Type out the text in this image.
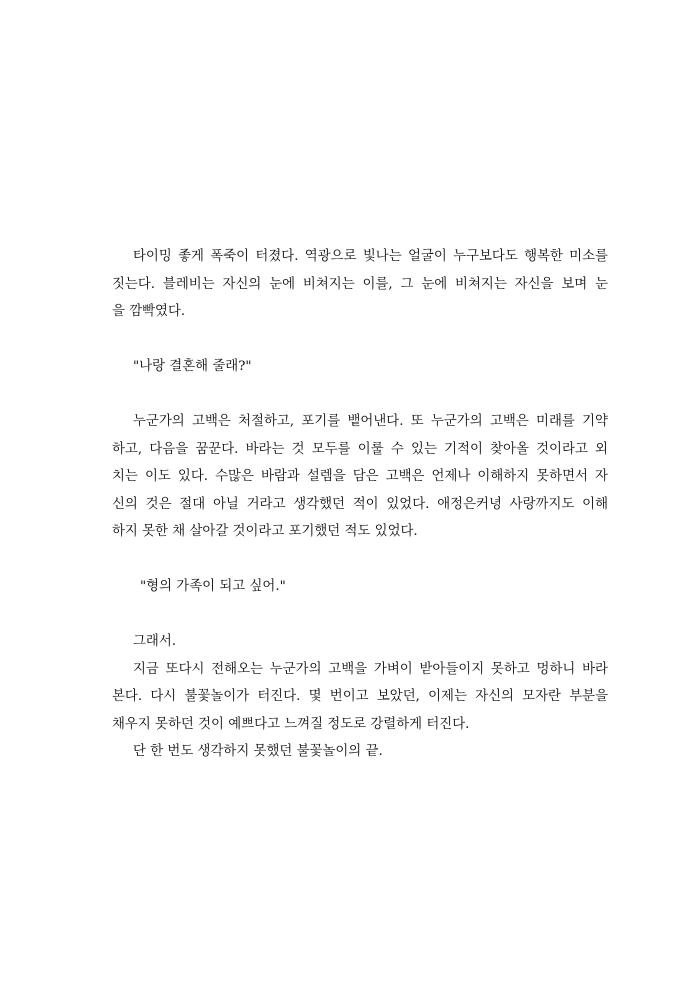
타이밍 좋게 폭죽이 터졌다. 역광으로 빛나는 얼굴이 누구보다도 행복한 미소를
짓는다. 블레비는 자신의 눈에 비쳐지는 이를, 그 눈에 비쳐지는 자신을 보며 눈
을 깜빡였다.
"나랑 결혼해 줄래?"
누군가의 고백은 처절하고, 포기를 뱉어낸다. 또 누군가의 고백은 미래를 기약
하고, 다음을 꿈꾼다. 바라는 것 모두를 이룰 수 있는 기적이 찾아올 것이라고 외
치는 이도 있다. 수많은 바람과 설렘을 담은 고백은 언제나 이해하지 못하면서 자
신의 것은 절대 아닐 거라고 생각했던 적이 있었다. 애정은커녕 사랑까지도 이해
하지 못한 채 살아갈 것이라고 포기했던 적도 있었다.
"형의 가족이 되고 싶어."
그래서.
지금 또다시 전해오는 누군가의 고백을 가벼이 받아들이지 못하고 멍하니 바라
본다. 다시 불꽃놀이가 터진다. 몇 번이고 보았던, 이제는 자신의 모자란 부분을
채우지 못하던 것이 예쁘다고 느껴질 정도로 강렬하게 터진다.
단 한 번도 생각하지 못했던 불꽃놀이의 끝.
